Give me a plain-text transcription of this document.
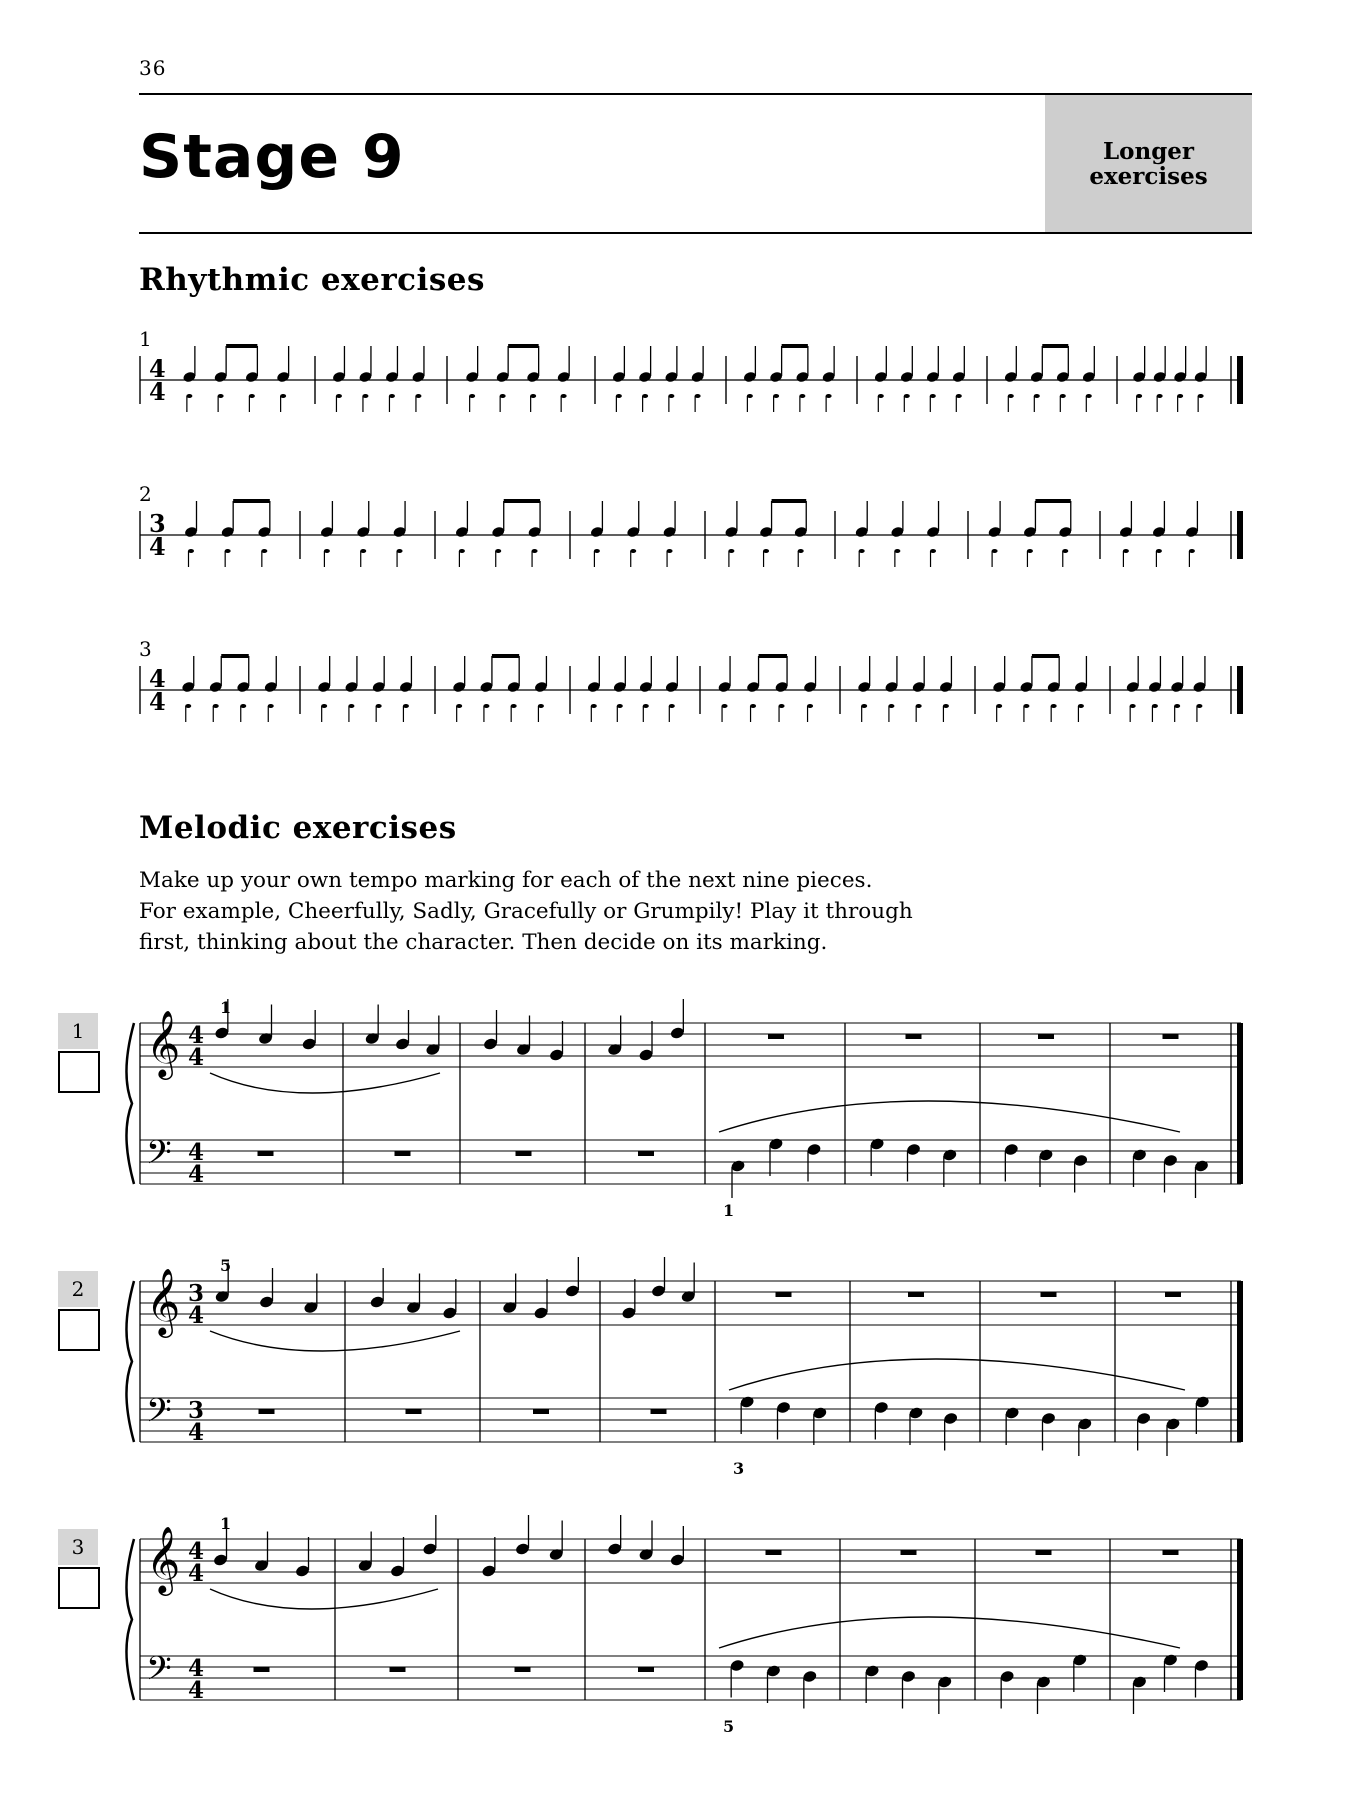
36
Stage 9	Longer
exercises
Rhythmic exercises
1
2
3
4
4
3
4
4
4
Melodic exercises
Make up your own tempo marking for each of the next nine pieces.
For example, Cheerfully, Sadly, Gracefully or Grumpily! Play it through
first, thinking about the character. Then decide on its marking.
1
2
3
𝄞 4
4
𝄢 4
4
1
1
𝄞 3
4
𝄢 3
4
5
3
𝄞 4
4
𝄢 4
4
1
5
